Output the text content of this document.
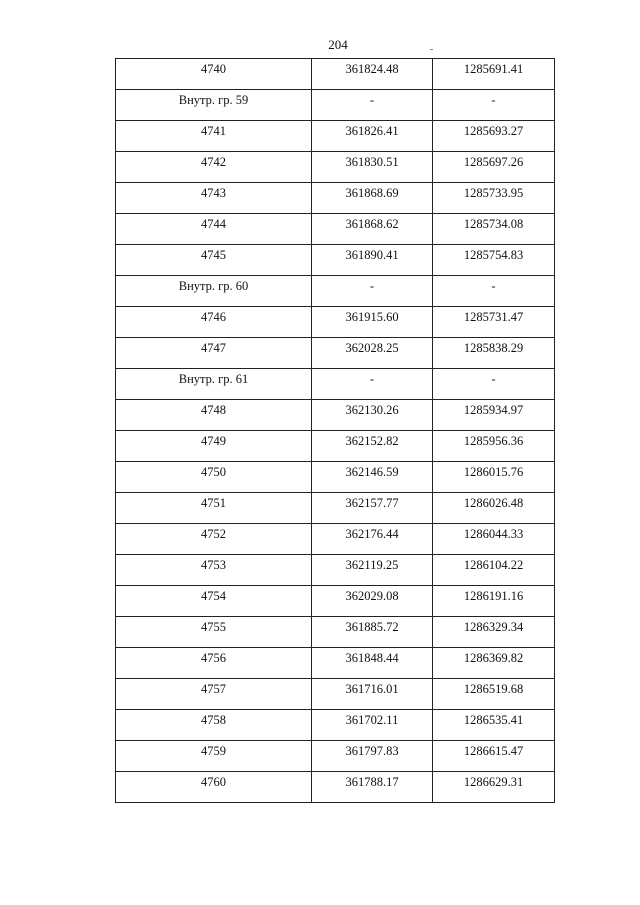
204
4740	361824.48	1285691.41

Внутр. гр. 59	-	-

4741	361826.41	1285693.27

4742	361830.51	1285697.26

4743	361868.69	1285733.95

4744	361868.62	1285734.08

4745	361890.41	1285754.83

Внутр. гр. 60	-	-

4746	361915.60	1285731.47

4747	362028.25	1285838.29

Внутр. гр. 61	-	-

4748	362130.26	1285934.97

4749	362152.82	1285956.36

4750	362146.59	1286015.76

4751	362157.77	1286026.48

4752	362176.44	1286044.33

4753	362119.25	1286104.22

4754	362029.08	1286191.16

4755	361885.72	1286329.34

4756	361848.44	1286369.82

4757	361716.01	1286519.68

4758	361702.11	1286535.41

4759	361797.83	1286615.47

4760	361788.17	1286629.31
